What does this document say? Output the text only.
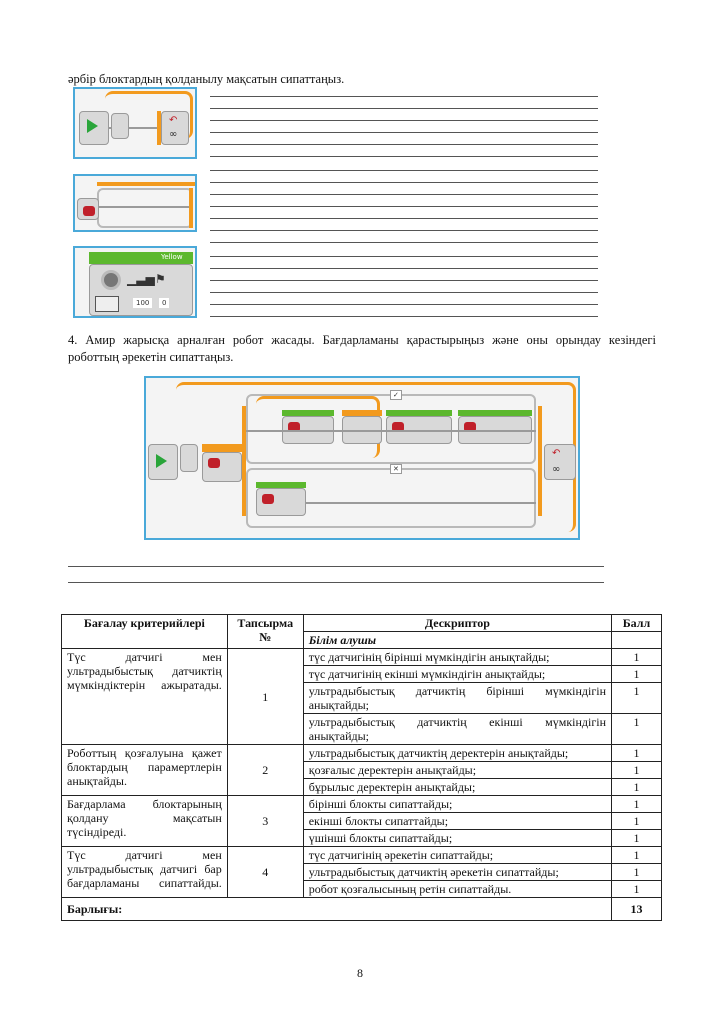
әрбір блоктардың қолданылу мақсатын сипаттаңыз.
↶
∞
Yellow
▁▃▅ ⚑
100	0
4. Амир жарысқа арналған робот жасады. Бағдарламаны қарастырыңыз және оны орындау кезіндегі роботтың әрекетін сипаттаңыз.
✓
✕
↶
∞
Бағалау критерийлері	Тапсырма №	Дескриптор	Балл
		Білім алушы	
Түс датчигі мен ультрадыбыстық датчиктің мүмкіндіктерін ажыратады.	1	түс датчигінің бірінші мүмкіндігін анықтайды;	1
		түс датчигінің екінші мүмкіндігін анықтайды;	1
		ультрадыбыстық датчиктің бірінші мүмкіндігін анықтайды;	1
		ультрадыбыстық датчиктің екінші мүмкіндігін анықтайды;	1
Роботтың қозғалуына қажет блоктардың парамертлерін анықтайды.	2	ультрадыбыстық датчиктің деректерін анықтайды;	1
		қозғалыс деректерін анықтайды;	1
		бұрылыс деректерін анықтайды;	1
Бағдарлама блоктарының қолдану мақсатын түсіндіреді.	3	бірінші блокты сипаттайды;	1
		екінші блокты сипаттайды;	1
		үшінші блокты сипаттайды;	1
Түс датчигі мен ультрадыбыстық датчигі бар бағдарламаны сипаттайды.	4	түс датчигінің әрекетін сипаттайды;	1
		ультрадыбыстық датчиктің әрекетін сипаттайды;	1
		робот қозғалысының ретін сипаттайды.	1
Барлығы:			13
8
